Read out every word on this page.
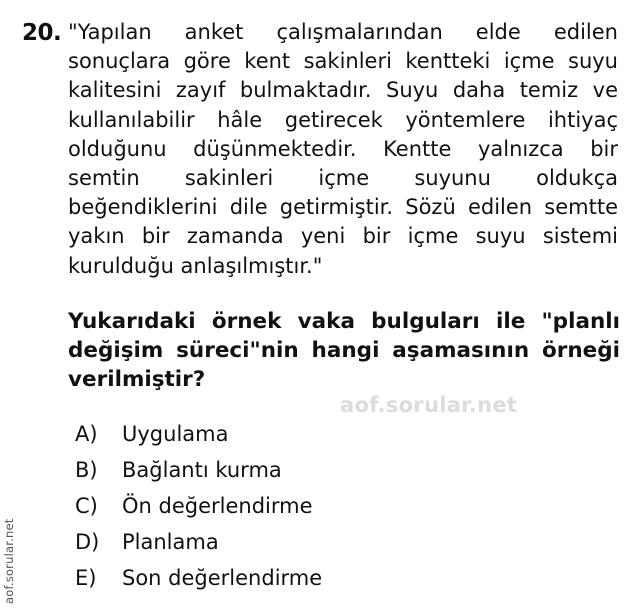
20. "Yapılan anket çalışmalarından elde edilen
sonuçlara göre kent sakinleri kentteki içme suyu
kalitesini zayıf bulmaktadır. Suyu daha temiz ve
kullanılabilir hâle getirecek yöntemlere ihtiyaç
olduğunu düşünmektedir. Kentte yalnızca bir
semtin sakinleri içme suyunu oldukça
beğendiklerini dile getirmiştir. Sözü edilen semtte
yakın bir zamanda yeni bir içme suyu sistemi
kurulduğu anlaşılmıştır."
Yukarıdaki örnek vaka bulguları ile "planlı
değişim süreci"nin hangi aşamasının örneği
verilmiştir?
aof.sorular.net
A)	Uygulama
B)	Bağlantı kurma
C)	Ön değerlendirme
D)	Planlama
E)	Son değerlendirme
aof.sorular.net
